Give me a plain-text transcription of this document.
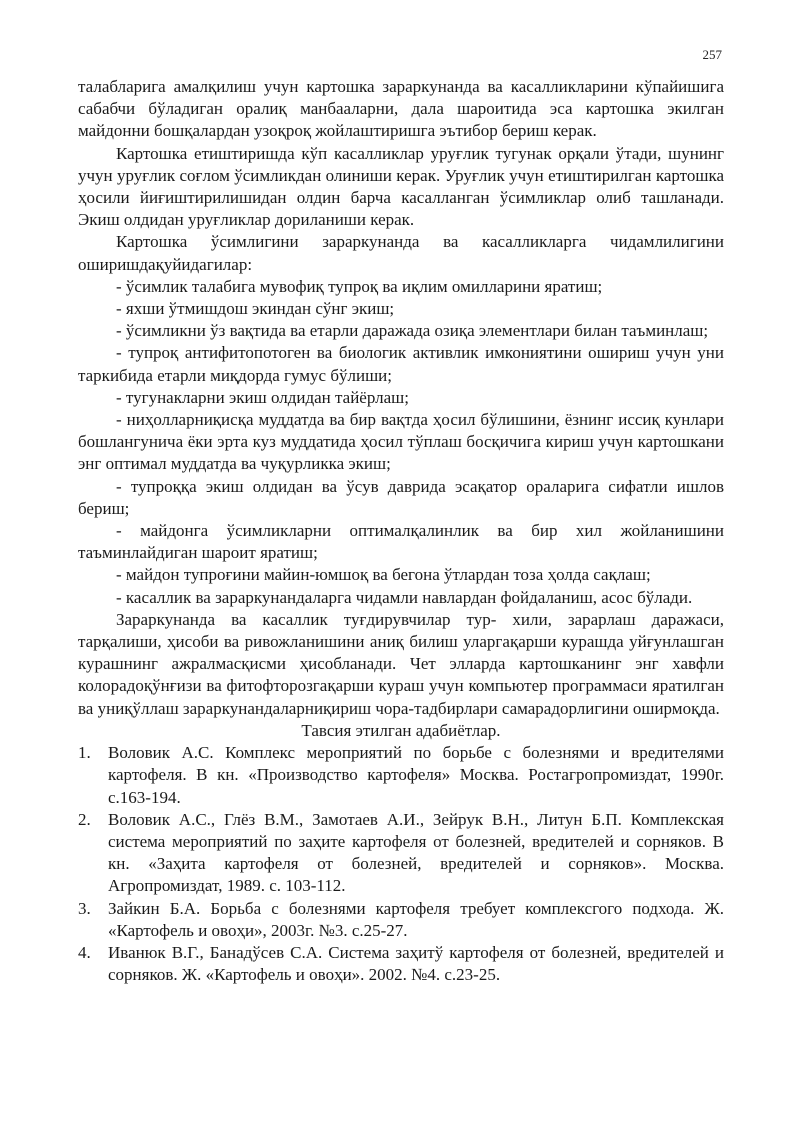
257

талабларига амалқилиш учун картошка зараркунанда ва касалликларини кўпайишига сабабчи бўладиган оралиқ манбааларни, дала шароитида эса картошка экилган майдонни бошқалардан узоқроқ жойлаштиришга эътибор бериш керак.

Картошка етиштиришда кўп касалликлар уруғлик тугунак орқали ўтади, шунинг учун уруғлик соғлом ўсимликдан олиниши керак. Уруғлик учун етиштирилган картошка ҳосили йиғиштирилишидан олдин барча касалланган ўсимликлар олиб ташланади. Экиш олдидан уруғликлар дориланиши керак.

Картошка ўсимлигини зараркунанда ва касалликларга чидамлилигини оширишдақуйидагилар:

- ўсимлик талабига мувофиқ тупроқ ва иқлим омилларини яратиш;

- яхши ўтмишдош экиндан сўнг экиш;

- ўсимликни ўз вақтида ва етарли даражада озиқа элементлари билан таъминлаш;

- тупроқ антифитопотоген ва биологик активлик имкониятини ошириш учун уни таркибида етарли миқдорда гумус бўлиши;

- тугунакларни экиш олдидан тайёрлаш;

- ниҳолларниқисқа муддатда ва бир вақтда ҳосил бўлишини, ёзнинг иссиқ кунлари бошлангунича ёки эрта куз муддатида ҳосил тўплаш босқичига кириш учун картошкани энг оптимал муддатда ва чуқурликка экиш;

- тупроққа экиш олдидан ва ўсув даврида эсақатор ораларига сифатли ишлов бериш;

- майдонга ўсимликларни оптималқалинлик ва бир хил жойланишини таъминлайдиган шароит яратиш;

- майдон тупроғини майин-юмшоқ ва бегона ўтлардан тоза ҳолда сақлаш;

- касаллик ва зараркунандаларга чидамли навлардан фойдаланиш, асос бўлади.

Зараркунанда ва касаллик туғдирувчилар тур- хили, зарарлаш даражаси, тарқалиши, ҳисоби ва ривожланишини аниқ билиш уларгақарши курашда уйғунлашган курашнинг ажралмасқисми ҳисобланади. Чет элларда картошканинг энг хавфли колорадоқўнғизи ва фитофторозгақарши кураш учун компьютер программаси яратилган ва униқўллаш зараркунандаларниқириш чора-тадбирлари самарадорлигини оширмоқда.

Тавсия этилган адабиётлар.

1. Воловик А.С. Комплекс мероприятий по борьбе с болезнями и вредителями картофеля. В кн. «Производство картофеля» Москва. Ростагропромиздат, 1990г. с.163-194.
2. Воловик А.С., Глёз В.М., Замотаев А.И., Зейрук В.Н., Литун Б.П. Комплекская система мероприятий по заҳите картофеля от болезней, вредителей и сорняков. В кн. «Заҳита картофеля от болезней, вредителей и сорняков». Москва. Агропромиздат, 1989. с. 103-112.
3. Зайкин Б.А. Борьба с болезнями картофеля требует комплексгого подхода. Ж. «Картофель и овоҳи», 2003г. №3. с.25-27.
4. Иванюк В.Г., Банадўсев С.А. Система заҳитў картофеля от болезней, вредителей и сорняков. Ж. «Картофель и овоҳи». 2002. №4. с.23-25.
